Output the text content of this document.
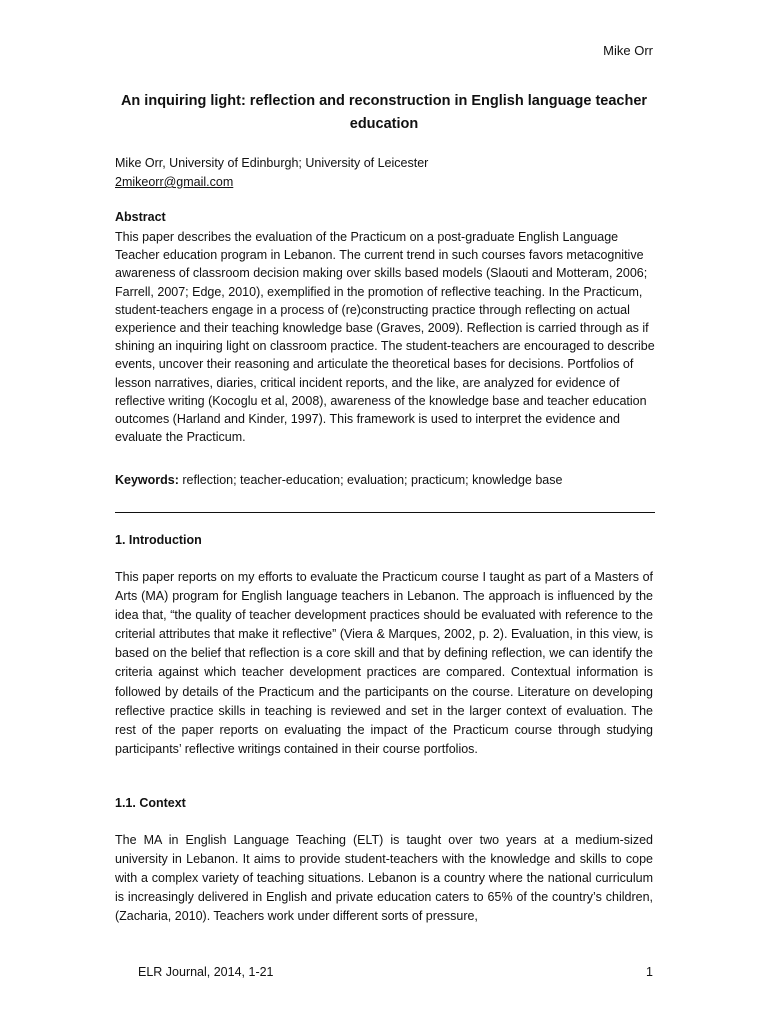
Mike Orr
An inquiring light: reflection and reconstruction in English language teacher education
Mike Orr, University of Edinburgh; University of Leicester
2mikeorr@gmail.com
Abstract
This paper describes the evaluation of the Practicum on a post-graduate English Language Teacher education program in Lebanon. The current trend in such courses favors metacognitive awareness of classroom decision making over skills based models (Slaouti and Motteram, 2006; Farrell, 2007; Edge, 2010), exemplified in the promotion of reflective teaching. In the Practicum, student-teachers engage in a process of (re)constructing practice through reflecting on actual experience and their teaching knowledge base (Graves, 2009). Reflection is carried through as if shining an inquiring light on classroom practice. The student-teachers are encouraged to describe events, uncover their reasoning and articulate the theoretical bases for decisions. Portfolios of lesson narratives, diaries, critical incident reports, and the like, are analyzed for evidence of reflective writing (Kocoglu et al, 2008), awareness of the knowledge base and teacher education outcomes (Harland and Kinder, 1997). This framework is used to interpret the evidence and evaluate the Practicum.
Keywords: reflection; teacher-education; evaluation; practicum; knowledge base
1. Introduction
This paper reports on my efforts to evaluate the Practicum course I taught as part of a Masters of Arts (MA) program for English language teachers in Lebanon. The approach is influenced by the idea that, “the quality of teacher development practices should be evaluated with reference to the criterial attributes that make it reflective” (Viera & Marques, 2002, p. 2). Evaluation, in this view, is based on the belief that reflection is a core skill and that by defining reflection, we can identify the criteria against which teacher development practices are compared. Contextual information is followed by details of the Practicum and the participants on the course. Literature on developing reflective practice skills in teaching is reviewed and set in the larger context of evaluation. The rest of the paper reports on evaluating the impact of the Practicum course through studying participants’ reflective writings contained in their course portfolios.
1.1. Context
The MA in English Language Teaching (ELT) is taught over two years at a medium-sized university in Lebanon. It aims to provide student-teachers with the knowledge and skills to cope with a complex variety of teaching situations. Lebanon is a country where the national curriculum is increasingly delivered in English and private education caters to 65% of the country’s children, (Zacharia, 2010). Teachers work under different sorts of pressure,
ELR Journal, 2014, 1-21	1
